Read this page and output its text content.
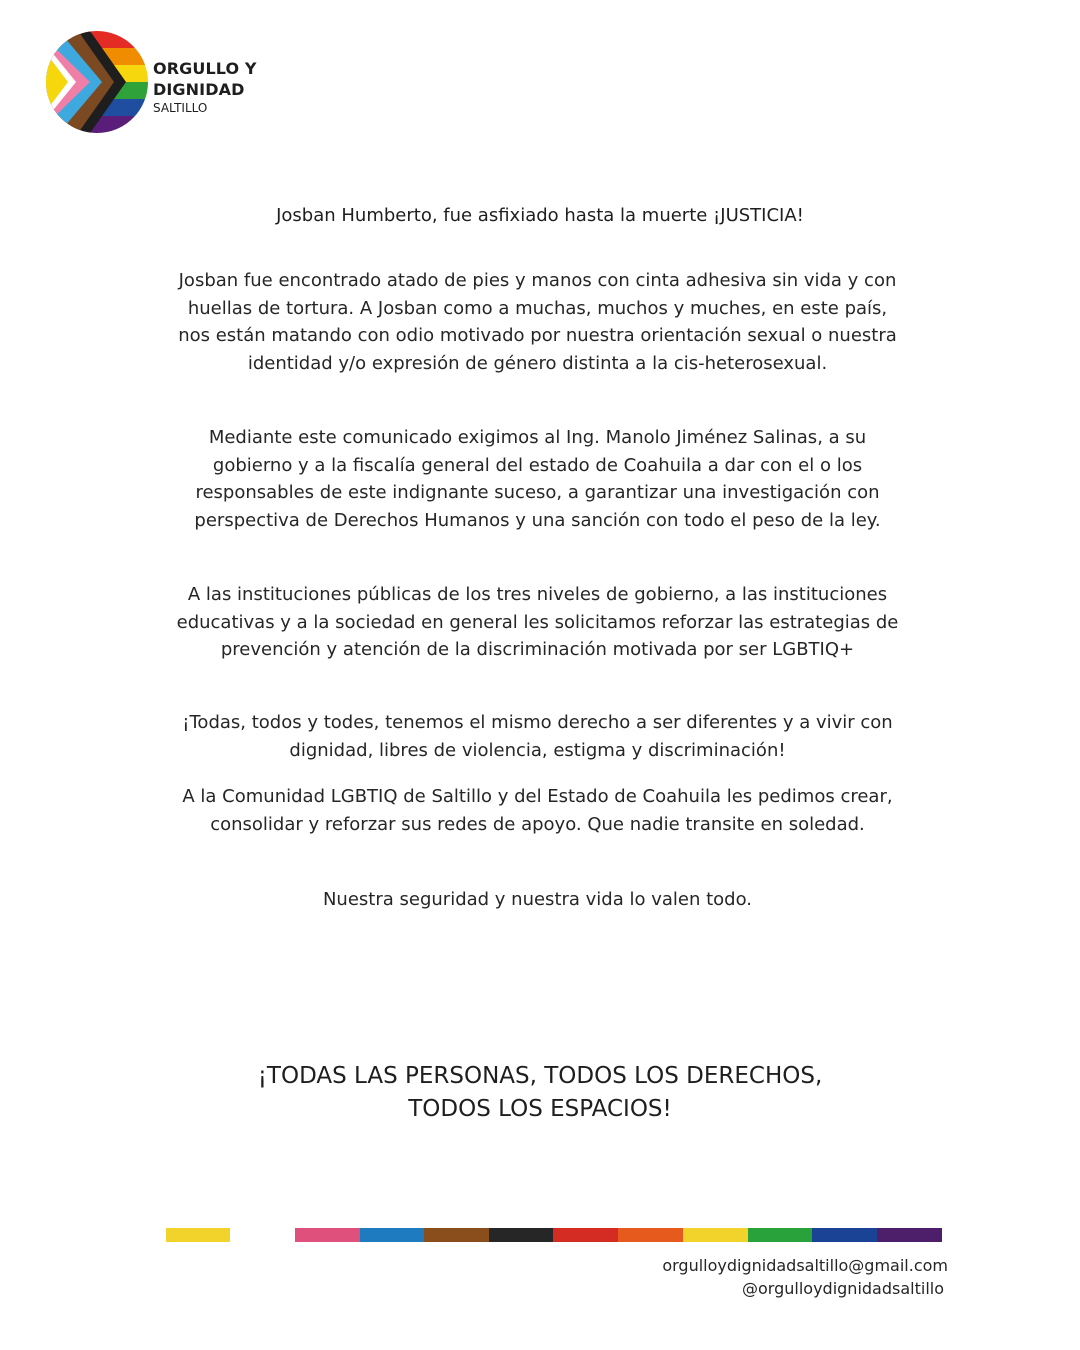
ORGULLO Y
DIGNIDAD
SALTILLO
Josban Humberto, fue asfixiado hasta la muerte ¡JUSTICIA!
Josban fue encontrado atado de pies y manos con cinta adhesiva sin vida y con huellas de tortura. A Josban como a muchas, muchos y muches, en este país, nos están matando con odio motivado por nuestra orientación sexual o nuestra identidad y/o expresión de género distinta a la cis-heterosexual.
Mediante este comunicado exigimos al Ing. Manolo Jiménez Salinas, a su gobierno y a la fiscalía general del estado de Coahuila a dar con el o los responsables de este indignante suceso, a garantizar una investigación con perspectiva de Derechos Humanos y una sanción con todo el peso de la ley.
A las instituciones públicas de los tres niveles de gobierno, a las instituciones educativas y a la sociedad en general les solicitamos reforzar las estrategias de prevención y atención de la discriminación motivada por ser LGBTIQ+
¡Todas, todos y todes, tenemos el mismo derecho a ser diferentes y a vivir con dignidad, libres de violencia, estigma y discriminación!
A la Comunidad LGBTIQ de Saltillo y del Estado de Coahuila les pedimos crear, consolidar y reforzar sus redes de apoyo. Que nadie transite en soledad.
Nuestra seguridad y nuestra vida lo valen todo.
¡TODAS LAS PERSONAS, TODOS LOS DERECHOS,
TODOS LOS ESPACIOS!
orgulloydignidadsaltillo@gmail.com
@orgulloydignidadsaltillo
